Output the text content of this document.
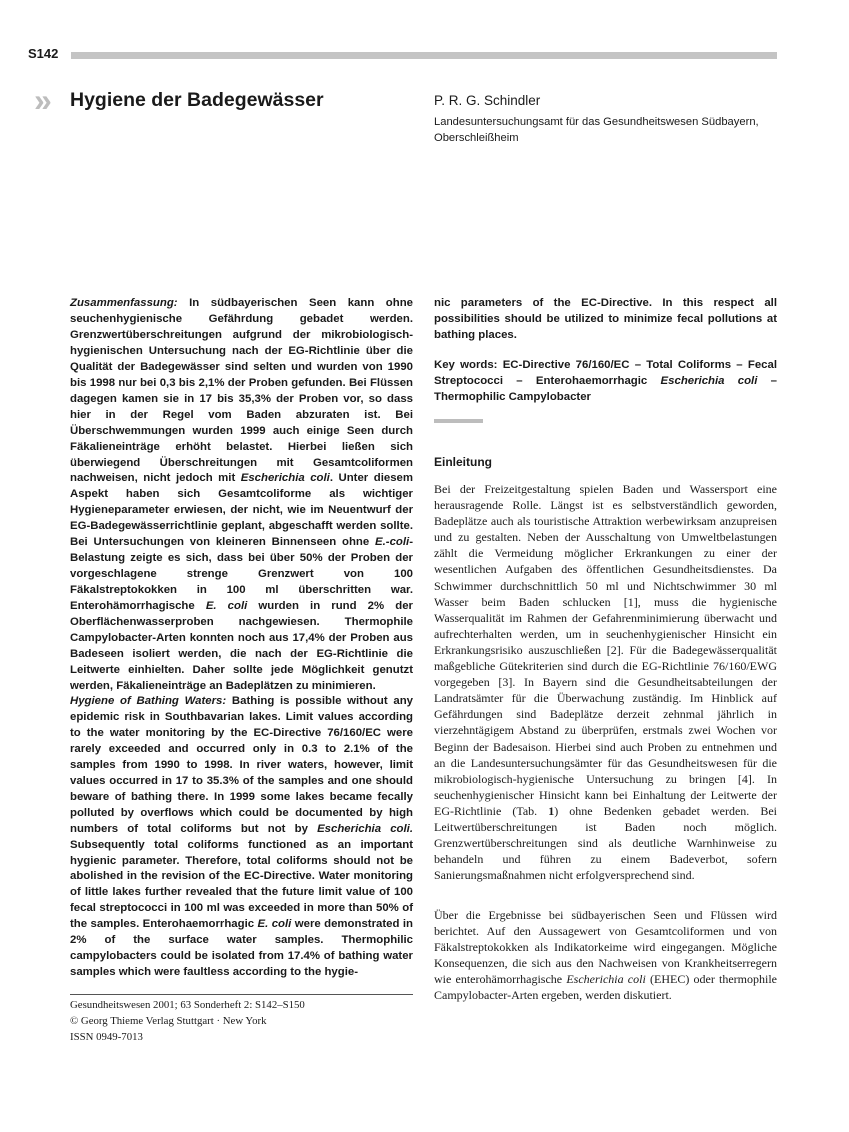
S142
» Hygiene der Badegewässer	P. R. G. Schindler
Landesuntersuchungsamt für das Gesundheitswesen Südbayern, Oberschleißheim

Zusammenfassung: In südbayerischen Seen kann ohne seuchenhygienische Gefährdung gebadet werden. Grenzwertüberschreitungen aufgrund der mikrobiologisch-hygienischen Untersuchung nach der EG-Richtlinie über die Qualität der Badegewässer sind selten und wurden von 1990 bis 1998 nur bei 0,3 bis 2,1% der Proben gefunden. Bei Flüssen dagegen kamen sie in 17 bis 35,3% der Proben vor, so dass hier in der Regel vom Baden abzuraten ist. Bei Überschwemmungen wurden 1999 auch einige Seen durch Fäkalieneinträge erhöht belastet. Hierbei ließen sich überwiegend Überschreitungen mit Gesamtcoliformen nachweisen, nicht jedoch mit Escherichia coli. Unter diesem Aspekt haben sich Gesamtcoliforme als wichtiger Hygieneparameter erwiesen, der nicht, wie im Neuentwurf der EG-Badegewässerrichtlinie geplant, abgeschafft werden sollte. Bei Untersuchungen von kleineren Binnenseen ohne E.-coli-Belastung zeigte es sich, dass bei über 50% der Proben der vorgeschlagene strenge Grenzwert von 100 Fäkalstreptokokken in 100 ml überschritten war. Enterohämorrhagische E. coli wurden in rund 2% der Oberflächenwasserproben nachgewiesen. Thermophile Campylobacter-Arten konnten noch aus 17,4% der Proben aus Badeseen isoliert werden, die nach der EG-Richtlinie die Leitwerte einhielten. Daher sollte jede Möglichkeit genutzt werden, Fäkalieneinträge an Badeplätzen zu minimieren.

Hygiene of Bathing Waters: Bathing is possible without any epidemic risk in Southbavarian lakes. Limit values according to the water monitoring by the EC-Directive 76/160/EC were rarely exceeded and occurred only in 0.3 to 2.1% of the samples from 1990 to 1998. In river waters, however, limit values occurred in 17 to 35.3% of the samples and one should beware of bathing there. In 1999 some lakes became fecally polluted by overflows which could be documented by high numbers of total coliforms but not by Escherichia coli. Subsequently total coliforms functioned as an important hygienic parameter. Therefore, total coliforms should not be abolished in the revision of the EC-Directive. Water monitoring of little lakes further revealed that the future limit value of 100 fecal streptococci in 100 ml was exceeded in more than 50% of the samples. Enterohaemorrhagic E. coli were demonstrated in 2% of the surface water samples. Thermophilic campylobacters could be isolated from 17.4% of bathing water samples which were faultless according to the hygie-

nic parameters of the EC-Directive. In this respect all possibilities should be utilized to minimize fecal pollutions at bathing places.

Key words: EC-Directive 76/160/EC – Total Coliforms – Fecal Streptococci – Enterohaemorrhagic Escherichia coli – Thermophilic Campylobacter

Einleitung

Bei der Freizeitgestaltung spielen Baden und Wassersport eine herausragende Rolle. Längst ist es selbstverständlich geworden, Badeplätze auch als touristische Attraktion werbewirksam anzupreisen und zu gestalten. Neben der Ausschaltung von Umweltbelastungen zählt die Vermeidung möglicher Erkrankungen zu einer der wesentlichen Aufgaben des öffentlichen Gesundheitsdienstes. Da Schwimmer durchschnittlich 50 ml und Nichtschwimmer 30 ml Wasser beim Baden schlucken [1], muss die hygienische Wasserqualität im Rahmen der Gefahrenminimierung überwacht und aufrechterhalten werden, um in seuchenhygienischer Hinsicht ein Erkrankungsrisiko auszuschließen [2]. Für die Badegewässerqualität maßgebliche Gütekriterien sind durch die EG-Richtlinie 76/160/EWG vorgegeben [3]. In Bayern sind die Gesundheitsabteilungen der Landratsämter für die Überwachung zuständig. Im Hinblick auf Gefährdungen sind Badeplätze derzeit zehnmal jährlich in vierzehntägigem Abstand zu überprüfen, erstmals zwei Wochen vor Beginn der Badesaison. Hierbei sind auch Proben zu entnehmen und an die Landesuntersuchungsämter für das Gesundheitswesen für die mikrobiologisch-hygienische Untersuchung zu bringen [4]. In seuchenhygienischer Hinsicht kann bei Einhaltung der Leitwerte der EG-Richtlinie (Tab. 1) ohne Bedenken gebadet werden. Bei Leitwertüberschreitungen ist Baden noch möglich. Grenzwertüberschreitungen sind als deutliche Warnhinweise zu behandeln und führen zu einem Badeverbot, sofern Sanierungsmaßnahmen nicht erfolgversprechend sind.

Über die Ergebnisse bei südbayerischen Seen und Flüssen wird berichtet. Auf den Aussagewert von Gesamtcoliformen und von Fäkalstreptokokken als Indikatorkeime wird eingegangen. Mögliche Konsequenzen, die sich aus den Nachweisen von Krankheitserregern wie enterohämorrhagische Escherichia coli (EHEC) oder thermophile Campylobacter-Arten ergeben, werden diskutiert.

Gesundheitswesen 2001; 63 Sonderheft 2: S142–S150
© Georg Thieme Verlag Stuttgart · New York
ISSN 0949-7013
